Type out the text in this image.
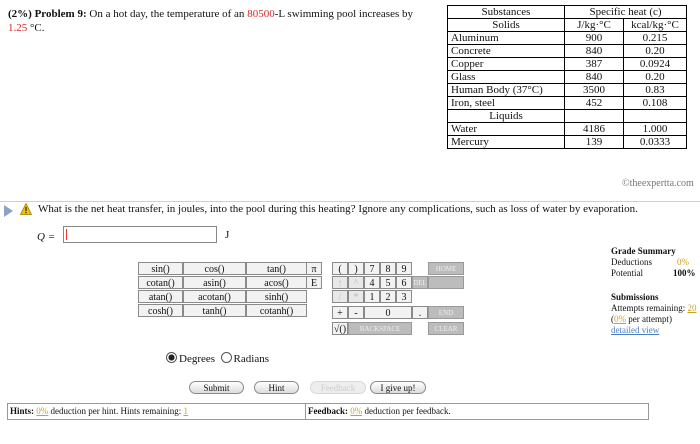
(2%) Problem 9: On a hot day, the temperature of an 80500-L swimming pool increases by
1.25 °C.
Substances	Specific heat (c)	
Solids	J/kg·°C	kcal/kg·°C
Aluminum	900	0.215
Concrete	840	0.20
Copper	387	0.0924
Glass	840	0.20
Human Body (37°C)	3500	0.83
Iron, steel	452	0.108
Liquids		
Water	4186	1.000
Mercury	139	0.0333
©theexpertta.com
What is the net heat transfer, in joules, into the pool during this heating? Ignore any complications, such as loss of water by evaporation.
Q =	J
sin()	cos()	tan()
cotan()	asin()	acos()
atan()	acotan()	sinh()
cosh()	tanh()	cotanh()
π
E
(	)
↑	^
/	*
+	-
√()
7	8	9
4	5	6
1	2	3
0	.
BACKSPACE
HOME
DEL
END
CLEAR
Degrees Radians
Submit	Hint	Feedback	I give up!
Grade Summary
Deductions	0%
Potential	100%
Submissions
Attempts remaining: 20
(0% per attempt)
detailed view
Hints: 0% deduction per hint. Hints remaining: 1	Feedback: 0% deduction per feedback.
